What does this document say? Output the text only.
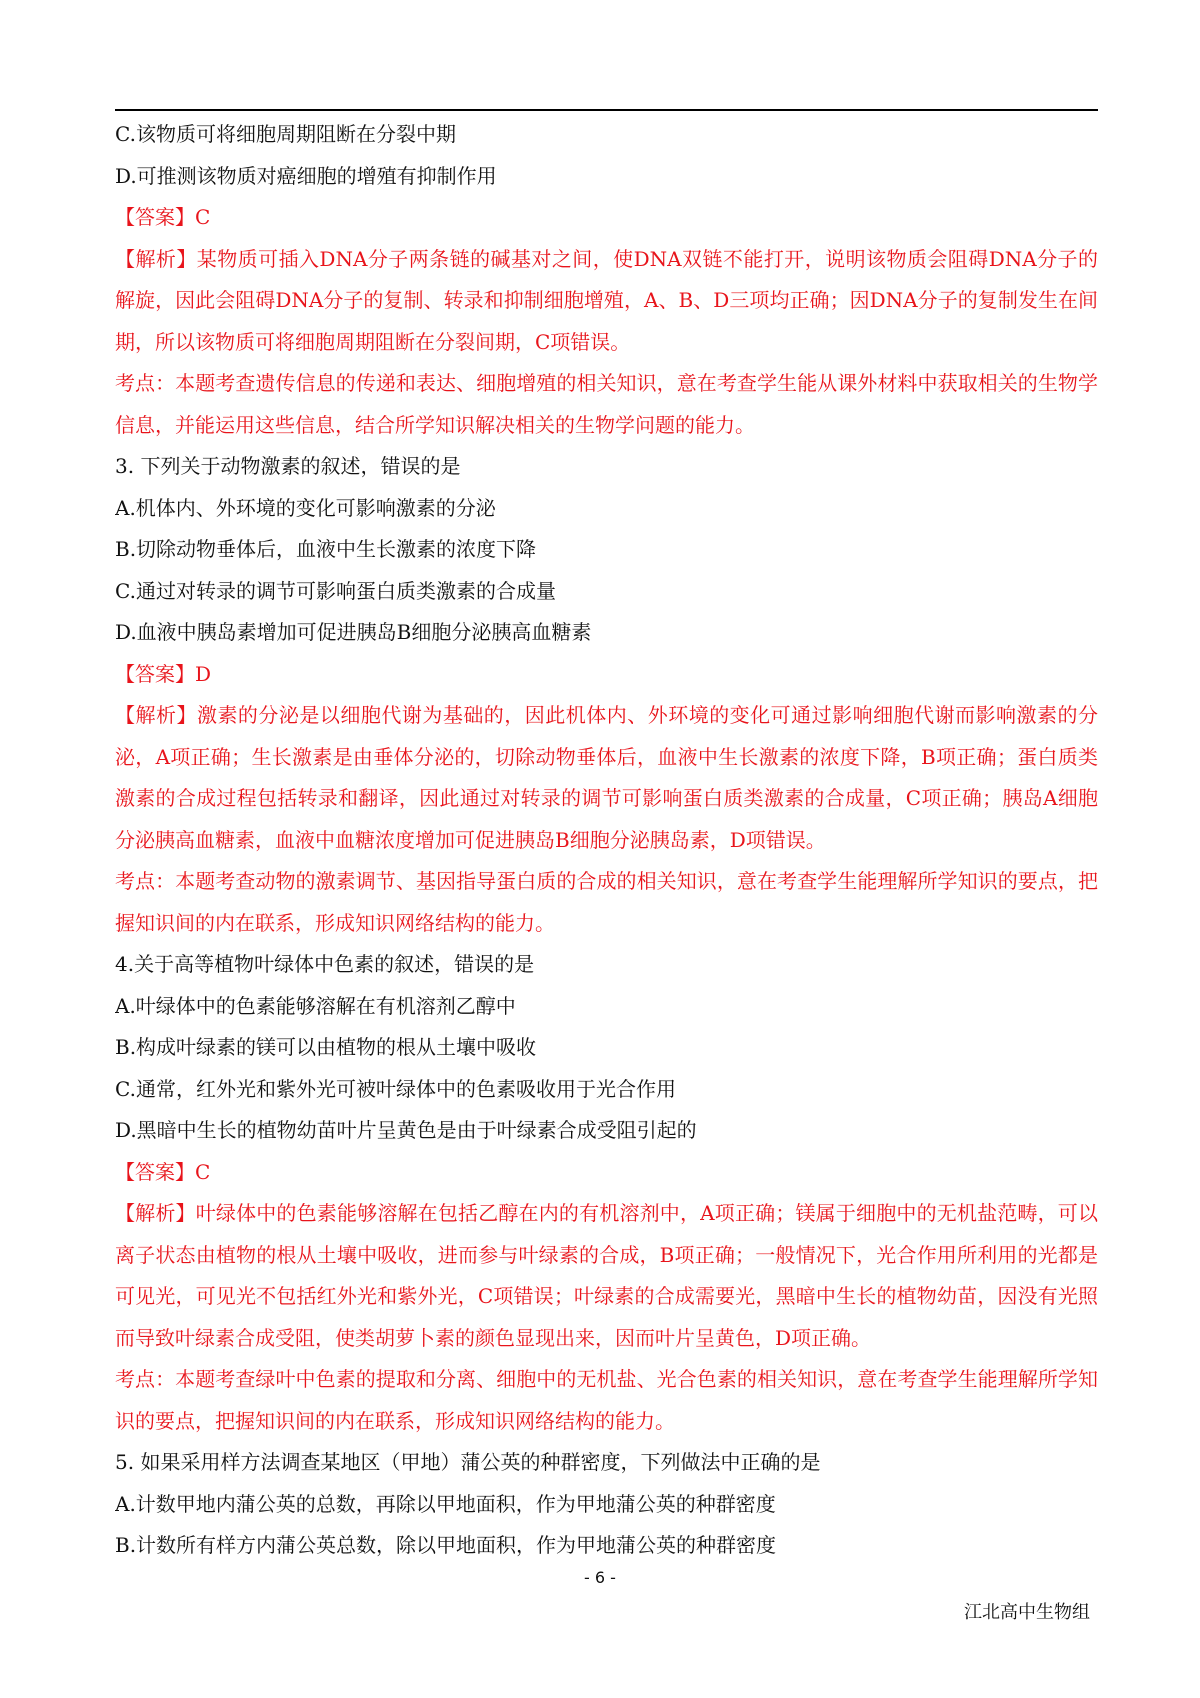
C.该物质可将细胞周期阻断在分裂中期
D.可推测该物质对癌细胞的增殖有抑制作用
【答案】C

【解析】某物质可插入DNA分子两条链的碱基对之间，使DNA双链不能打开，说明该物质会阻碍DNA分子的解旋，因此会阻碍DNA分子的复制、转录和抑制细胞增殖，A、B、D三项均正确；因DNA分子的复制发生在间期，所以该物质可将细胞周期阻断在分裂间期，C项错误。

考点：本题考查遗传信息的传递和表达、细胞增殖的相关知识，意在考查学生能从课外材料中获取相关的生物学信息，并能运用这些信息，结合所学知识解决相关的生物学问题的能力。

3. 下列关于动物激素的叙述，错误的是
A.机体内、外环境的变化可影响激素的分泌
B.切除动物垂体后，血液中生长激素的浓度下降
C.通过对转录的调节可影响蛋白质类激素的合成量
D.血液中胰岛素增加可促进胰岛B细胞分泌胰高血糖素
【答案】D

【解析】激素的分泌是以细胞代谢为基础的，因此机体内、外环境的变化可通过影响细胞代谢而影响激素的分泌，A项正确；生长激素是由垂体分泌的，切除动物垂体后，血液中生长激素的浓度下降，B项正确；蛋白质类激素的合成过程包括转录和翻译，因此通过对转录的调节可影响蛋白质类激素的合成量，C项正确；胰岛A细胞分泌胰高血糖素，血液中血糖浓度增加可促进胰岛B细胞分泌胰岛素，D项错误。

考点：本题考查动物的激素调节、基因指导蛋白质的合成的相关知识，意在考查学生能理解所学知识的要点，把握知识间的内在联系，形成知识网络结构的能力。

4.关于高等植物叶绿体中色素的叙述，错误的是
A.叶绿体中的色素能够溶解在有机溶剂乙醇中
B.构成叶绿素的镁可以由植物的根从土壤中吸收
C.通常，红外光和紫外光可被叶绿体中的色素吸收用于光合作用
D.黑暗中生长的植物幼苗叶片呈黄色是由于叶绿素合成受阻引起的
【答案】C

【解析】叶绿体中的色素能够溶解在包括乙醇在内的有机溶剂中，A项正确；镁属于细胞中的无机盐范畴，可以离子状态由植物的根从土壤中吸收，进而参与叶绿素的合成，B项正确；一般情况下，光合作用所利用的光都是可见光，可见光不包括红外光和紫外光，C项错误；叶绿素的合成需要光，黑暗中生长的植物幼苗，因没有光照而导致叶绿素合成受阻，使类胡萝卜素的颜色显现出来，因而叶片呈黄色，D项正确。

考点：本题考查绿叶中色素的提取和分离、细胞中的无机盐、光合色素的相关知识，意在考查学生能理解所学知识的要点，把握知识间的内在联系，形成知识网络结构的能力。

5. 如果采用样方法调查某地区（甲地）蒲公英的种群密度，下列做法中正确的是
A.计数甲地内蒲公英的总数，再除以甲地面积，作为甲地蒲公英的种群密度
B.计数所有样方内蒲公英总数，除以甲地面积，作为甲地蒲公英的种群密度
- 6 -
江北高中生物组
